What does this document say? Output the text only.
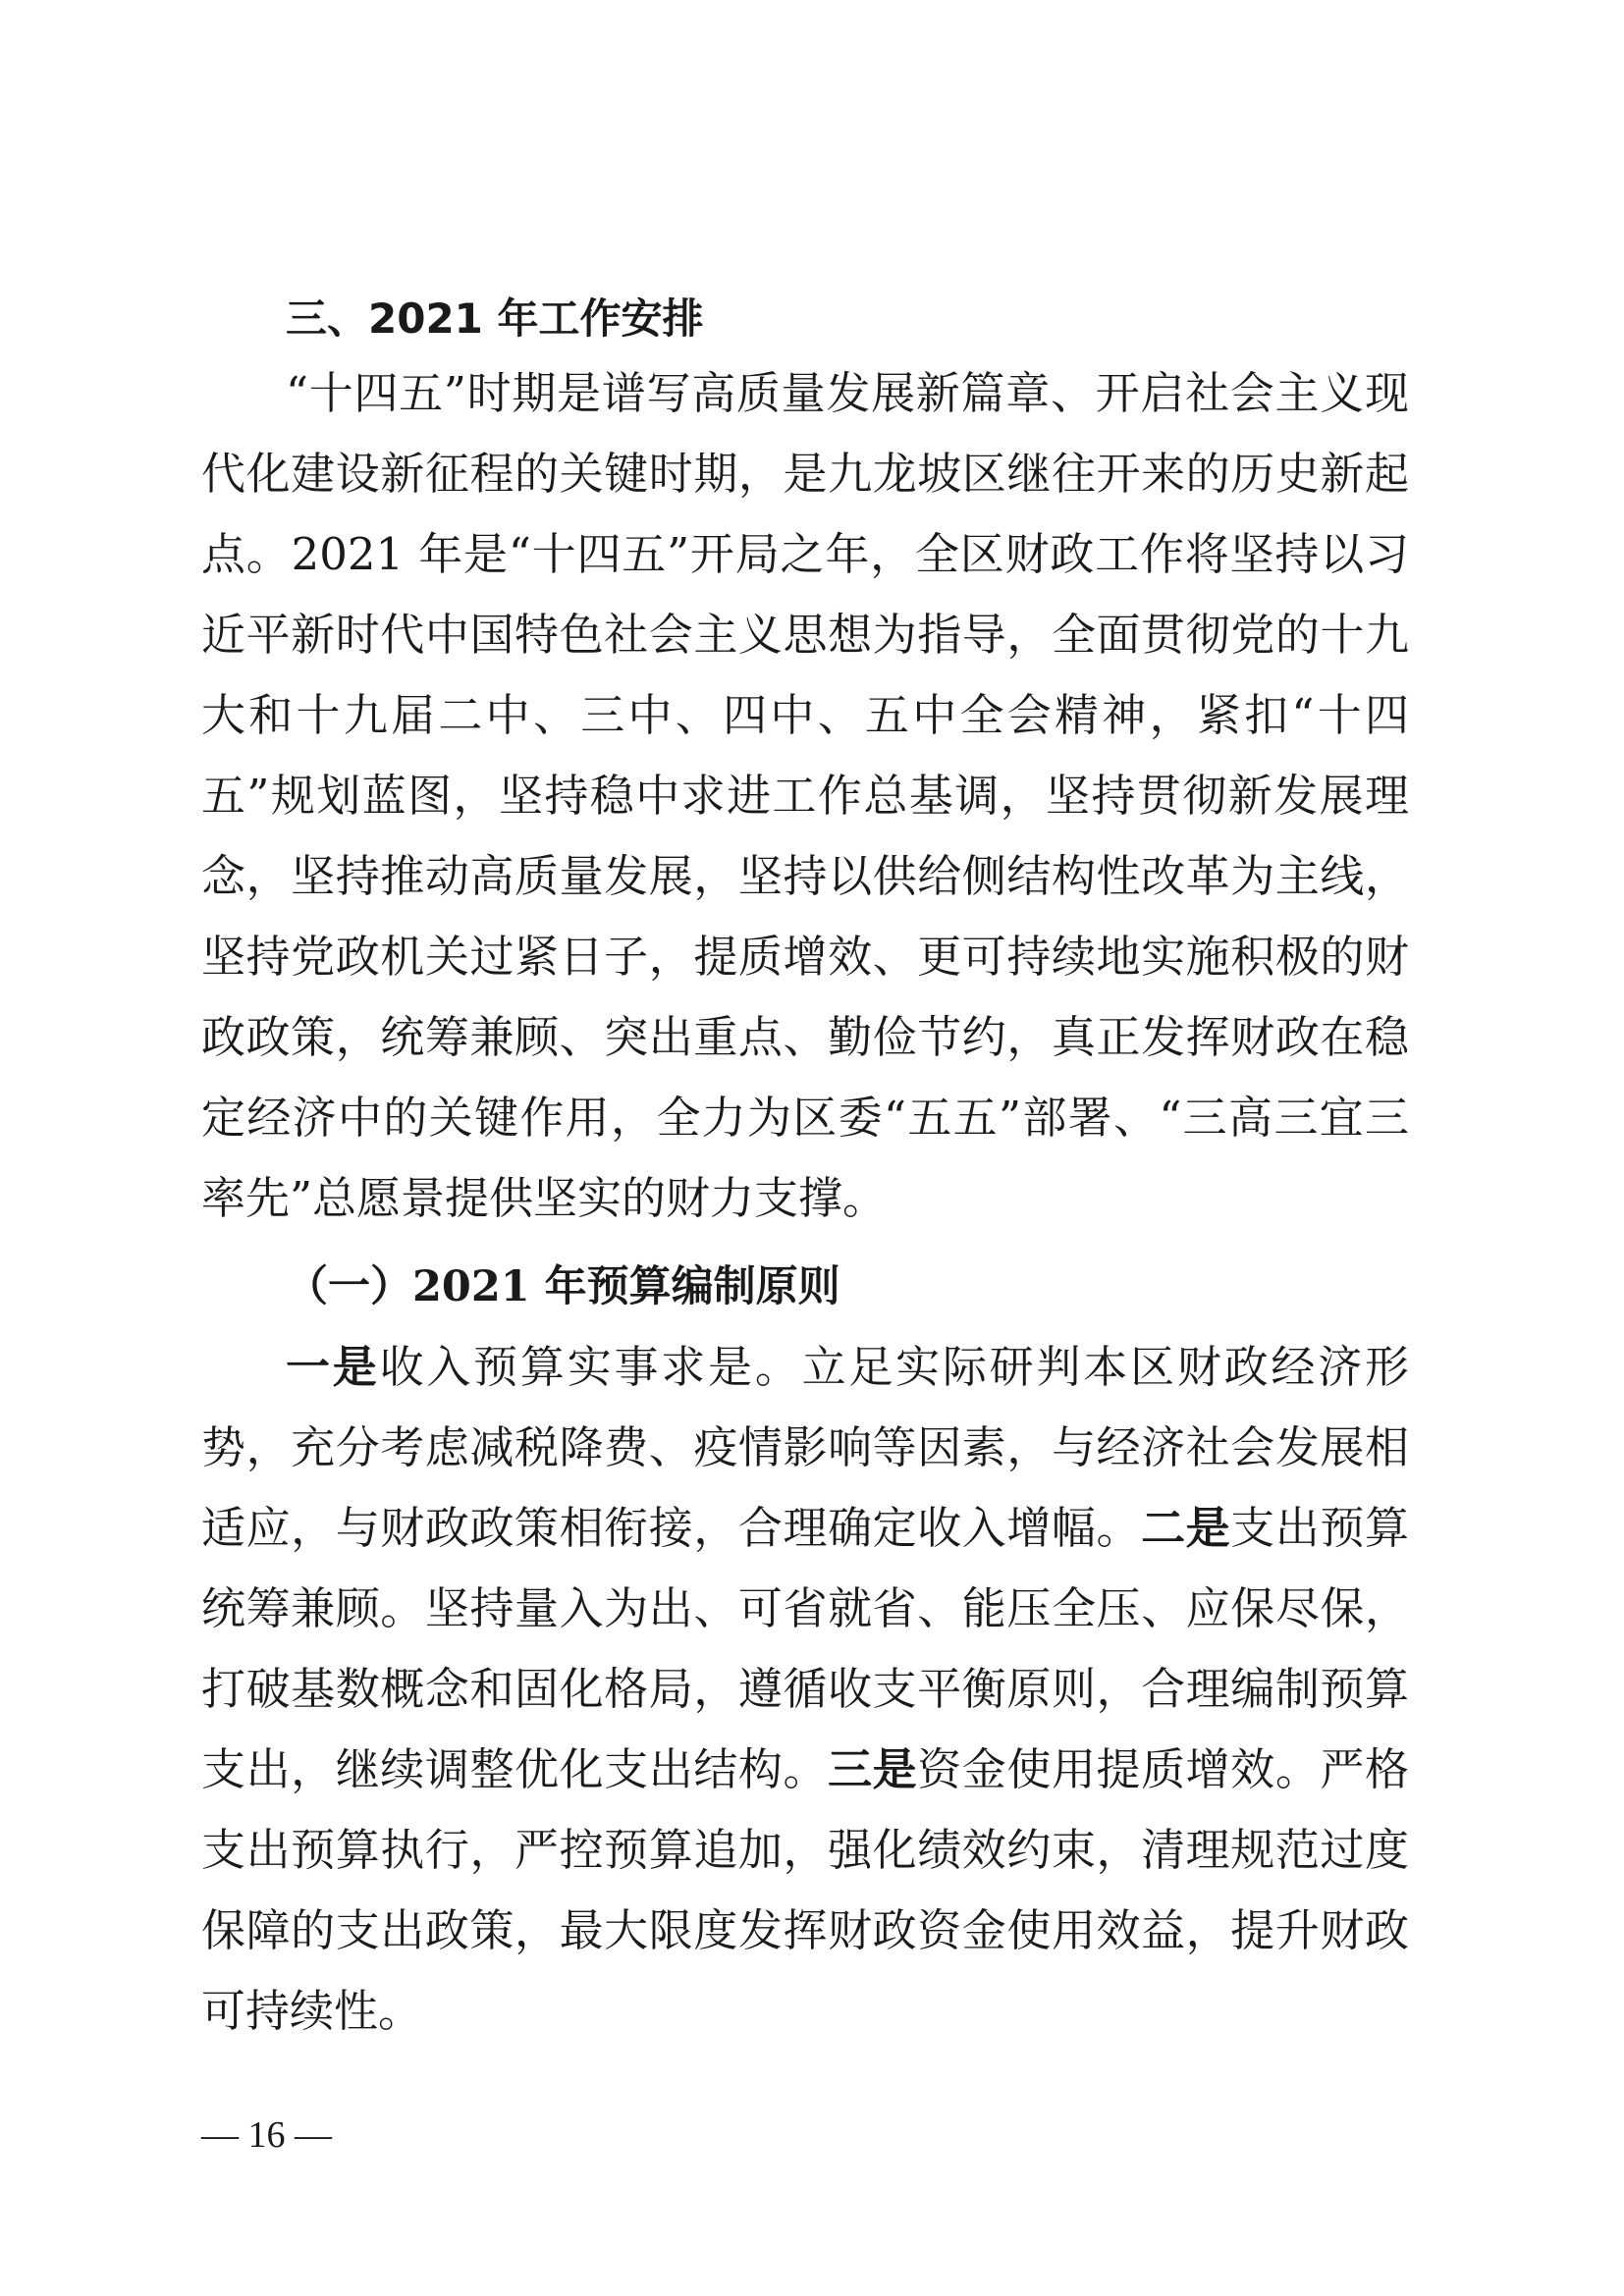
三、2021 年工作安排

“十四五”时期是谱写高质量发展新篇章、开启社会主义现代化建设新征程的关键时期，是九龙坡区继往开来的历史新起点。2021 年是“十四五”开局之年，全区财政工作将坚持以习近平新时代中国特色社会主义思想为指导，全面贯彻党的十九大和十九届二中、三中、四中、五中全会精神，紧扣“十四五”规划蓝图，坚持稳中求进工作总基调，坚持贯彻新发展理念，坚持推动高质量发展，坚持以供给侧结构性改革为主线，坚持党政机关过紧日子，提质增效、更可持续地实施积极的财政政策，统筹兼顾、突出重点、勤俭节约，真正发挥财政在稳定经济中的关键作用，全力为区委“五五”部署、“三高三宜三率先”总愿景提供坚实的财力支撑。

（一）2021 年预算编制原则

一是收入预算实事求是。立足实际研判本区财政经济形势，充分考虑减税降费、疫情影响等因素，与经济社会发展相适应，与财政政策相衔接，合理确定收入增幅。二是支出预算统筹兼顾。坚持量入为出、可省就省、能压全压、应保尽保，打破基数概念和固化格局，遵循收支平衡原则，合理编制预算支出，继续调整优化支出结构。三是资金使用提质增效。严格支出预算执行，严控预算追加，强化绩效约束，清理规范过度保障的支出政策，最大限度发挥财政资金使用效益，提升财政可持续性。

— 16 —
